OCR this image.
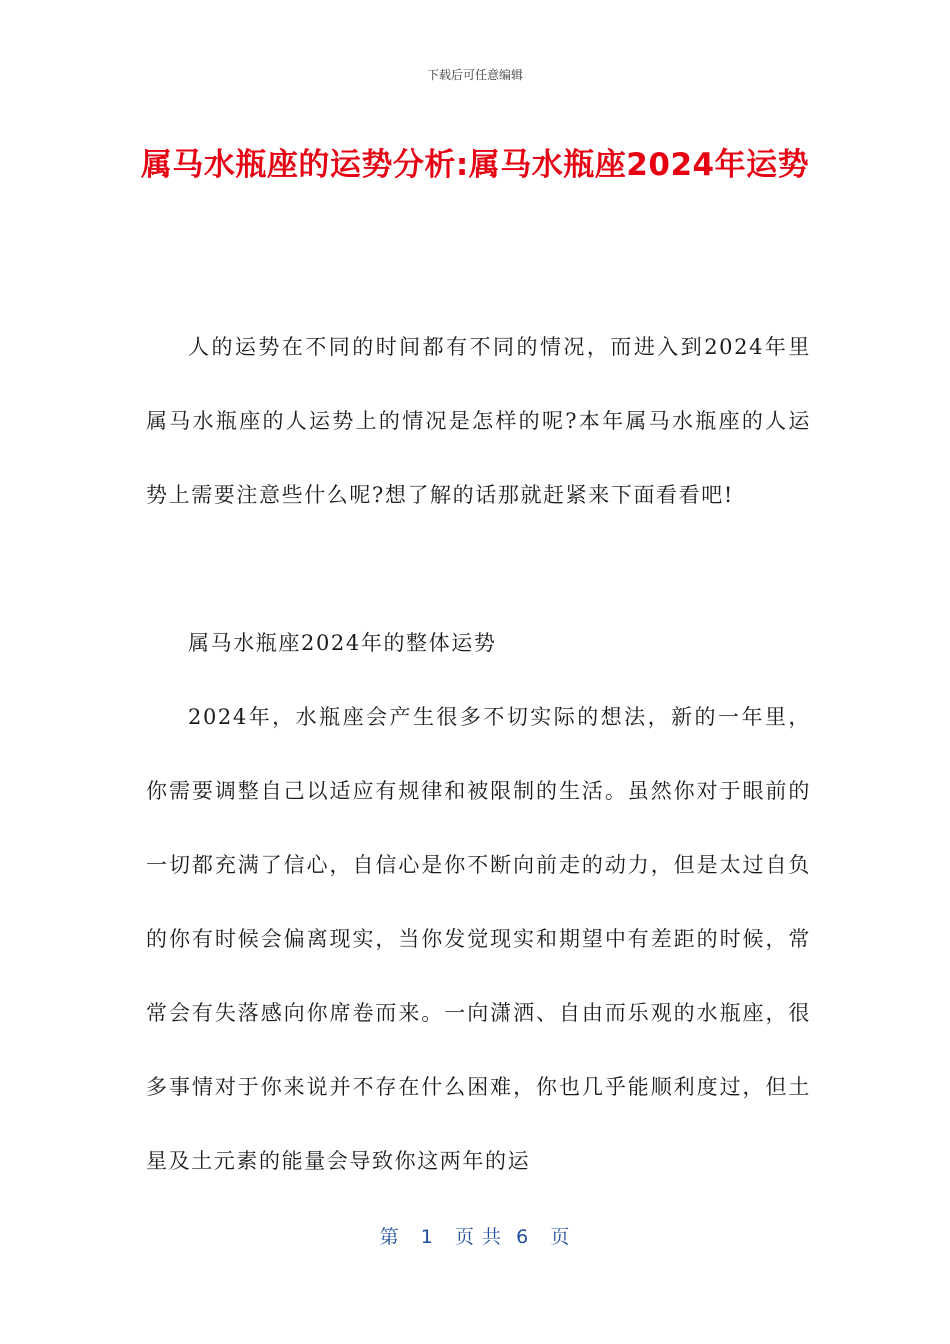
下载后可任意编辑
属马水瓶座的运势分析:属马水瓶座2024年运势

人的运势在不同的时间都有不同的情况，而进入到2024年里属马水瓶座的人运势上的情况是怎样的呢?本年属马水瓶座的人运势上需要注意些什么呢?想了解的话那就赶紧来下面看看吧!

属马水瓶座2024年的整体运势

2024年，水瓶座会产生很多不切实际的想法，新的一年里，你需要调整自己以适应有规律和被限制的生活。虽然你对于眼前的一切都充满了信心，自信心是你不断向前走的动力，但是太过自负的你有时候会偏离现实，当你发觉现实和期望中有差距的时候，常常会有失落感向你席卷而来。一向潇洒、自由而乐观的水瓶座，很多事情对于你来说并不存在什么困难，你也几乎能顺利度过，但土星及土元素的能量会导致你这两年的运

第   1   页 共  6   页
